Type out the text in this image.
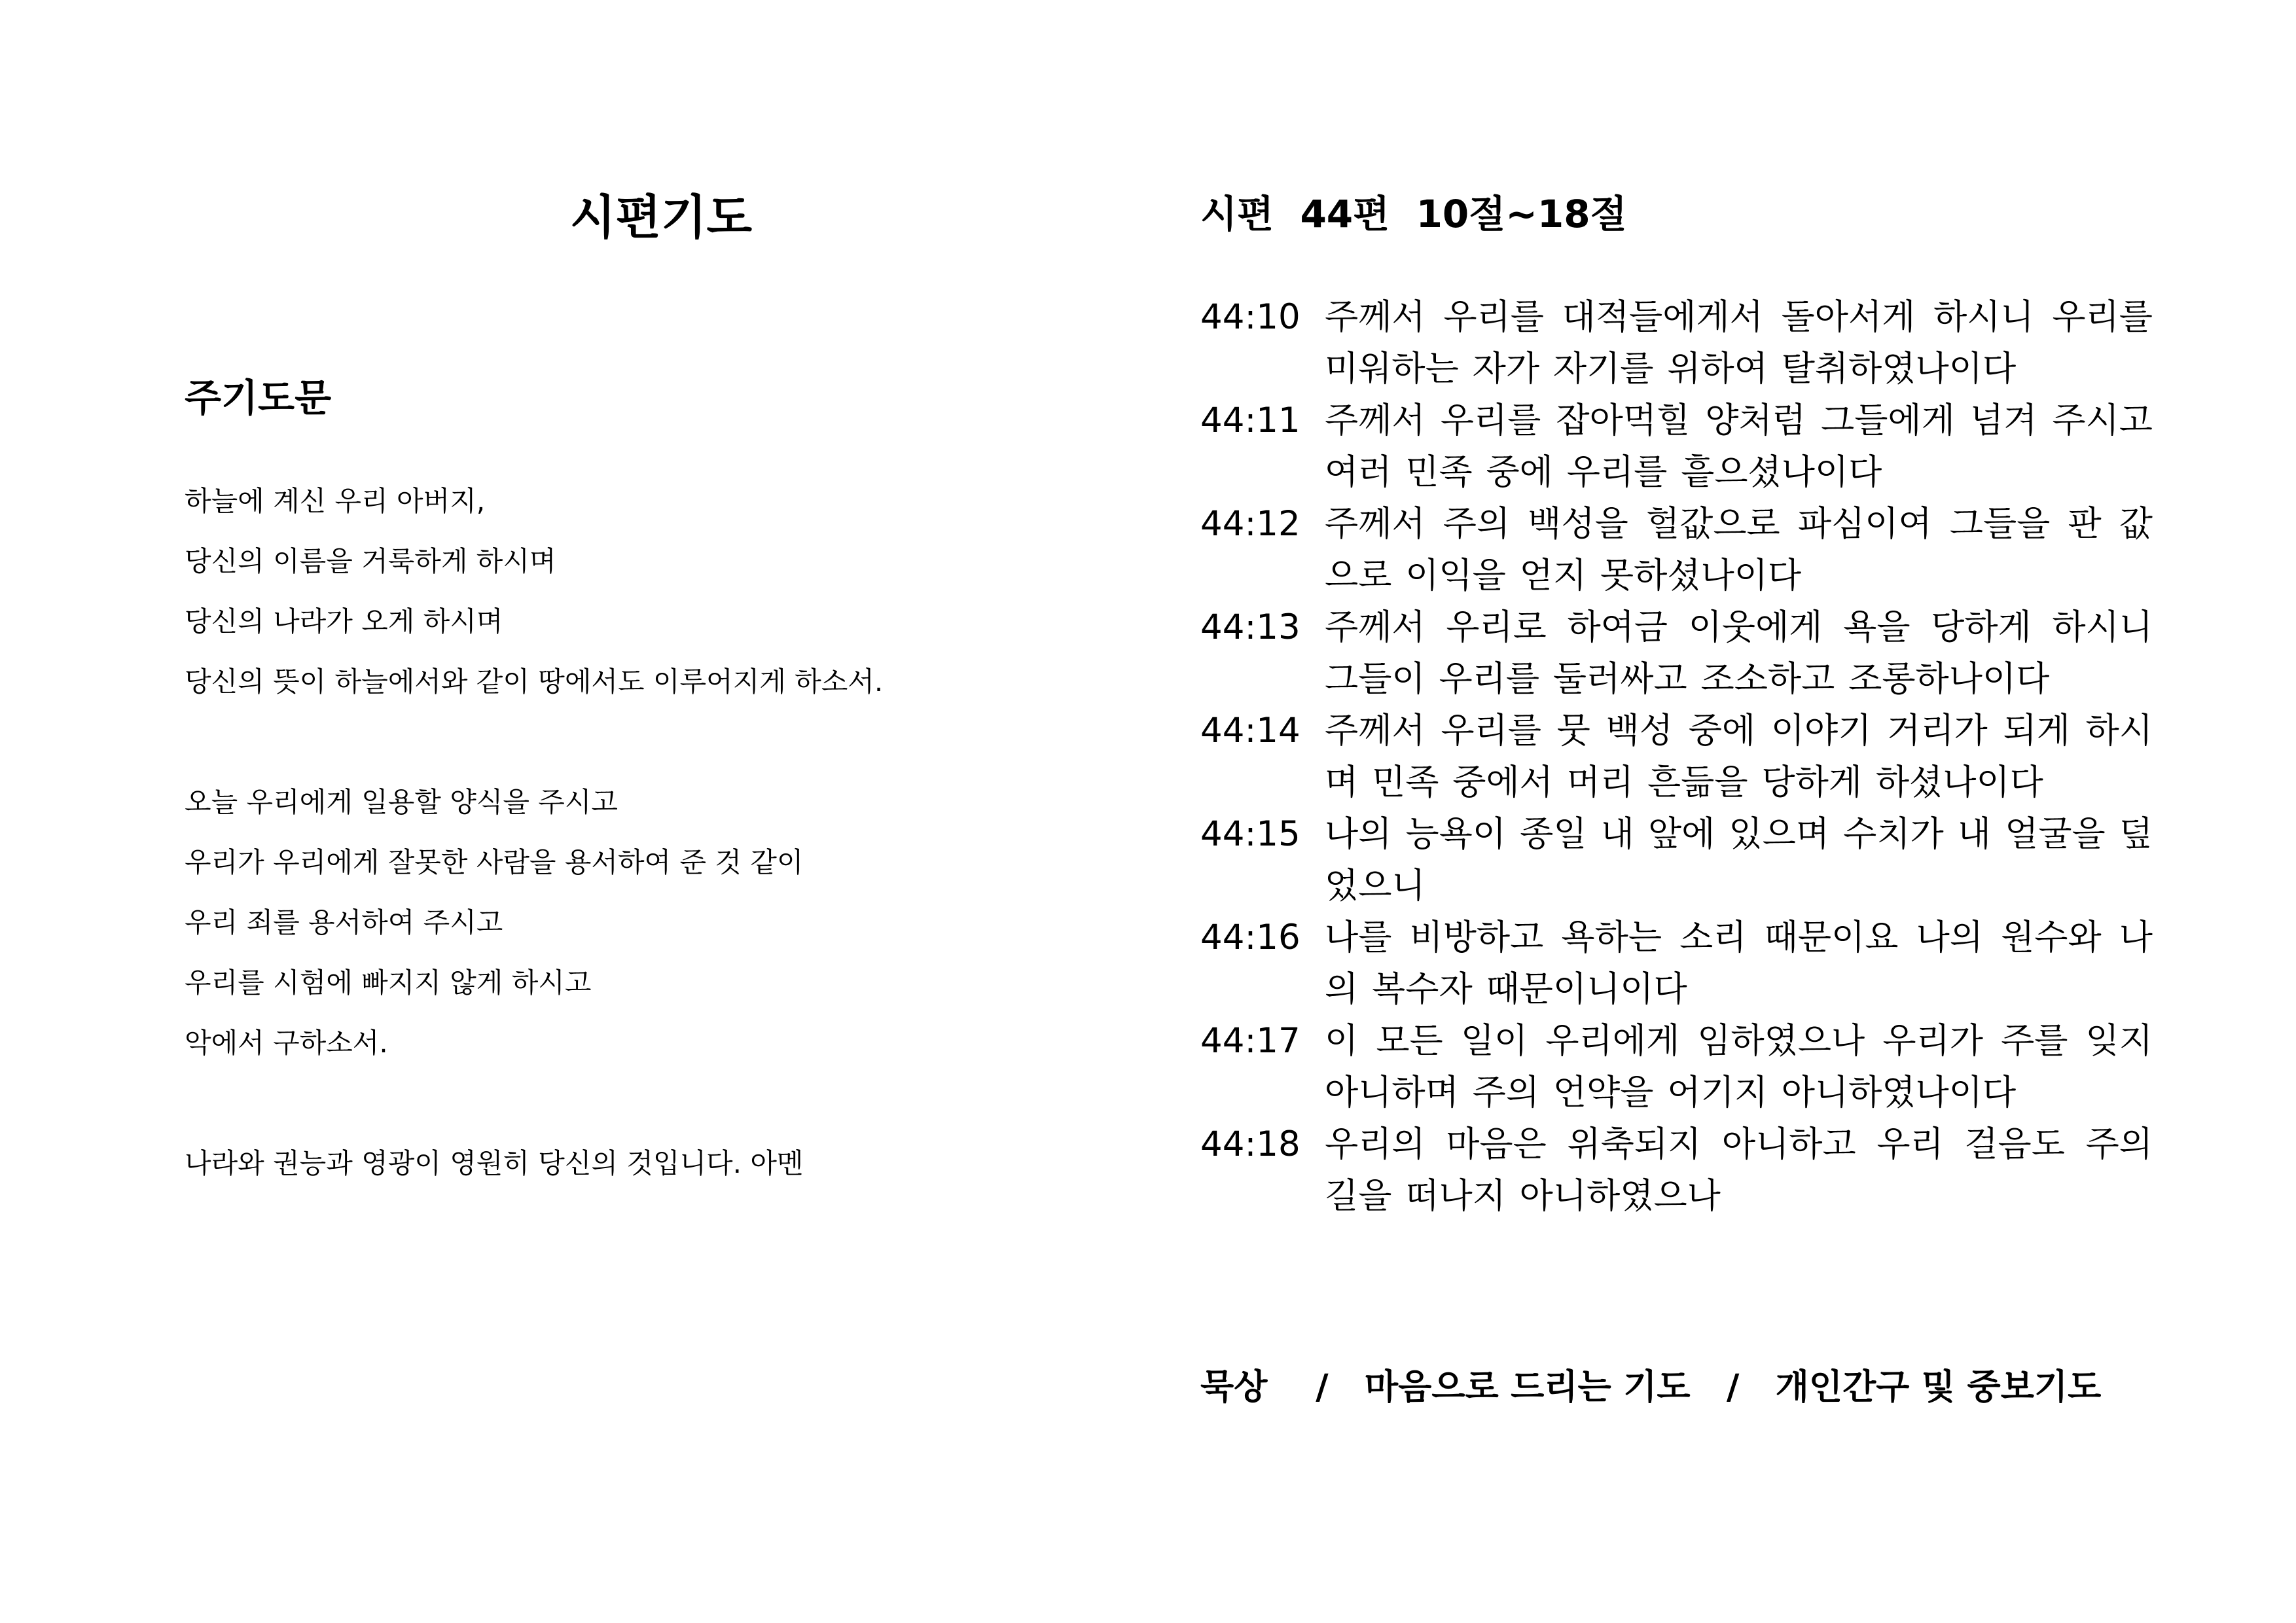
시편기도
주기도문
하늘에 계신 우리 아버지,
당신의 이름을 거룩하게 하시며
당신의 나라가 오게 하시며
당신의 뜻이 하늘에서와 같이 땅에서도 이루어지게 하소서.
오늘 우리에게 일용할 양식을 주시고
우리가 우리에게 잘못한 사람을 용서하여 준 것 같이
우리 죄를 용서하여 주시고
우리를 시험에 빠지지 않게 하시고
악에서 구하소서.
나라와 권능과 영광이 영원히 당신의 것입니다. 아멘
시편  44편  10절~18절
44:10 주께서 우리를 대적들에게서 돌아서게 하시니 우리를 미워하는 자가 자기를 위하여 탈취하였나이다
44:11 주께서 우리를 잡아먹힐 양처럼 그들에게 넘겨 주시고 여러 민족 중에 우리를 흩으셨나이다
44:12 주께서 주의 백성을 헐값으로 파심이여 그들을 판 값으로 이익을 얻지 못하셨나이다
44:13 주께서 우리로 하여금 이웃에게 욕을 당하게 하시니 그들이 우리를 둘러싸고 조소하고 조롱하나이다
44:14 주께서 우리를 뭇 백성 중에 이야기 거리가 되게 하시며 민족 중에서 머리 흔듦을 당하게 하셨나이다
44:15 나의 능욕이 종일 내 앞에 있으며 수치가 내 얼굴을 덮었으니
44:16 나를 비방하고 욕하는 소리 때문이요 나의 원수와 나의 복수자 때문이니이다
44:17 이 모든 일이 우리에게 임하였으나 우리가 주를 잊지 아니하며 주의 언약을 어기지 아니하였나이다
44:18 우리의 마음은 위축되지 아니하고 우리 걸음도 주의 길을 떠나지 아니하였으나
묵상    /   마음으로 드리는 기도   /   개인간구 및 중보기도
